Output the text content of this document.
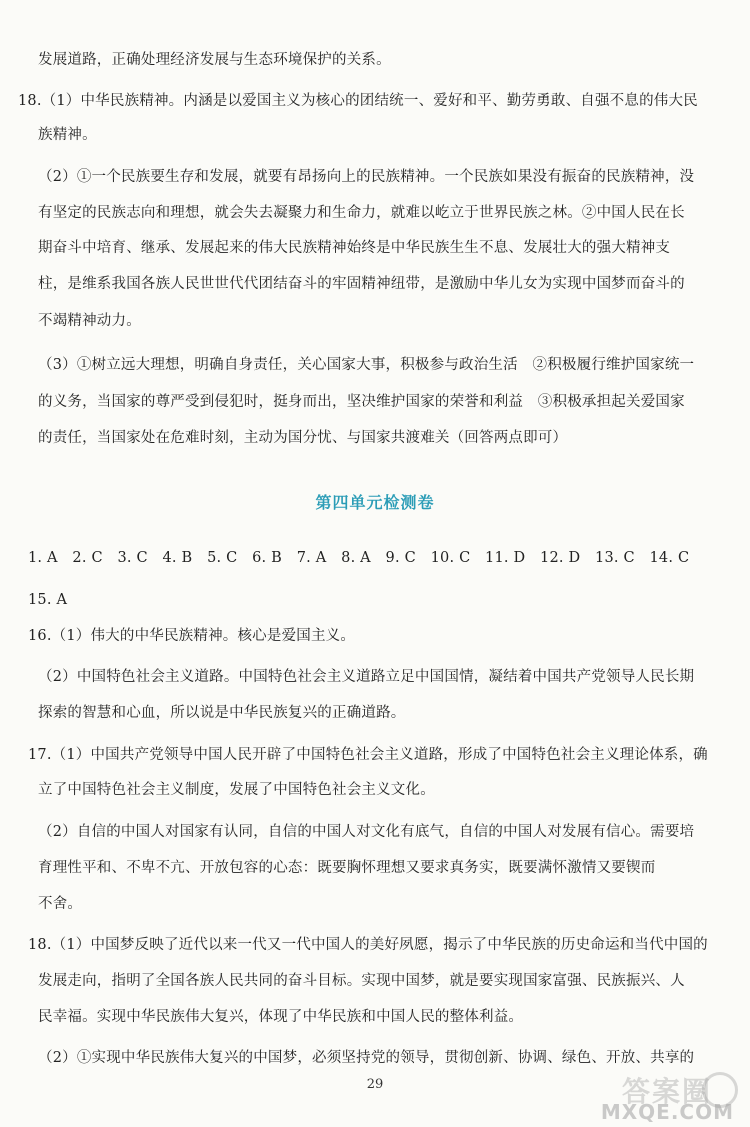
发展道路，正确处理经济发展与生态环境保护的关系。
18.（1）中华民族精神。内涵是以爱国主义为核心的团结统一、爱好和平、勤劳勇敢、自强不息的伟大民
族精神。
（2）①一个民族要生存和发展，就要有昂扬向上的民族精神。一个民族如果没有振奋的民族精神，没
有坚定的民族志向和理想，就会失去凝聚力和生命力，就难以屹立于世界民族之林。②中国人民在长
期奋斗中培育、继承、发展起来的伟大民族精神始终是中华民族生生不息、发展壮大的强大精神支
柱，是维系我国各族人民世世代代团结奋斗的牢固精神纽带，是激励中华儿女为实现中国梦而奋斗的
不竭精神动力。
（3）①树立远大理想，明确自身责任，关心国家大事，积极参与政治生活　②积极履行维护国家统一
的义务，当国家的尊严受到侵犯时，挺身而出，坚决维护国家的荣誉和利益　③积极承担起关爱国家
的责任，当国家处在危难时刻，主动为国分忧、与国家共渡难关（回答两点即可）
第四单元检测卷
1. A　2. C　3. C　4. B　5. C　6. B　7. A　8. A　9. C　10. C　11. D　12. D　13. C　14. C
15. A
16.（1）伟大的中华民族精神。核心是爱国主义。
（2）中国特色社会主义道路。中国特色社会主义道路立足中国国情，凝结着中国共产党领导人民长期
探索的智慧和心血，所以说是中华民族复兴的正确道路。
17.（1）中国共产党领导中国人民开辟了中国特色社会主义道路，形成了中国特色社会主义理论体系，确
立了中国特色社会主义制度，发展了中国特色社会主义文化。
（2）自信的中国人对国家有认同，自信的中国人对文化有底气，自信的中国人对发展有信心。需要培
育理性平和、不卑不亢、开放包容的心态：既要胸怀理想又要求真务实，既要满怀激情又要锲而
不舍。
18.（1）中国梦反映了近代以来一代又一代中国人的美好夙愿，揭示了中华民族的历史命运和当代中国的
发展走向，指明了全国各族人民共同的奋斗目标。实现中国梦，就是要实现国家富强、民族振兴、人
民幸福。实现中华民族伟大复兴，体现了中华民族和中国人民的整体利益。
（2）①实现中华民族伟大复兴的中国梦，必须坚持党的领导，贯彻创新、协调、绿色、开放、共享的
29	答案圈
MXQE.COM
